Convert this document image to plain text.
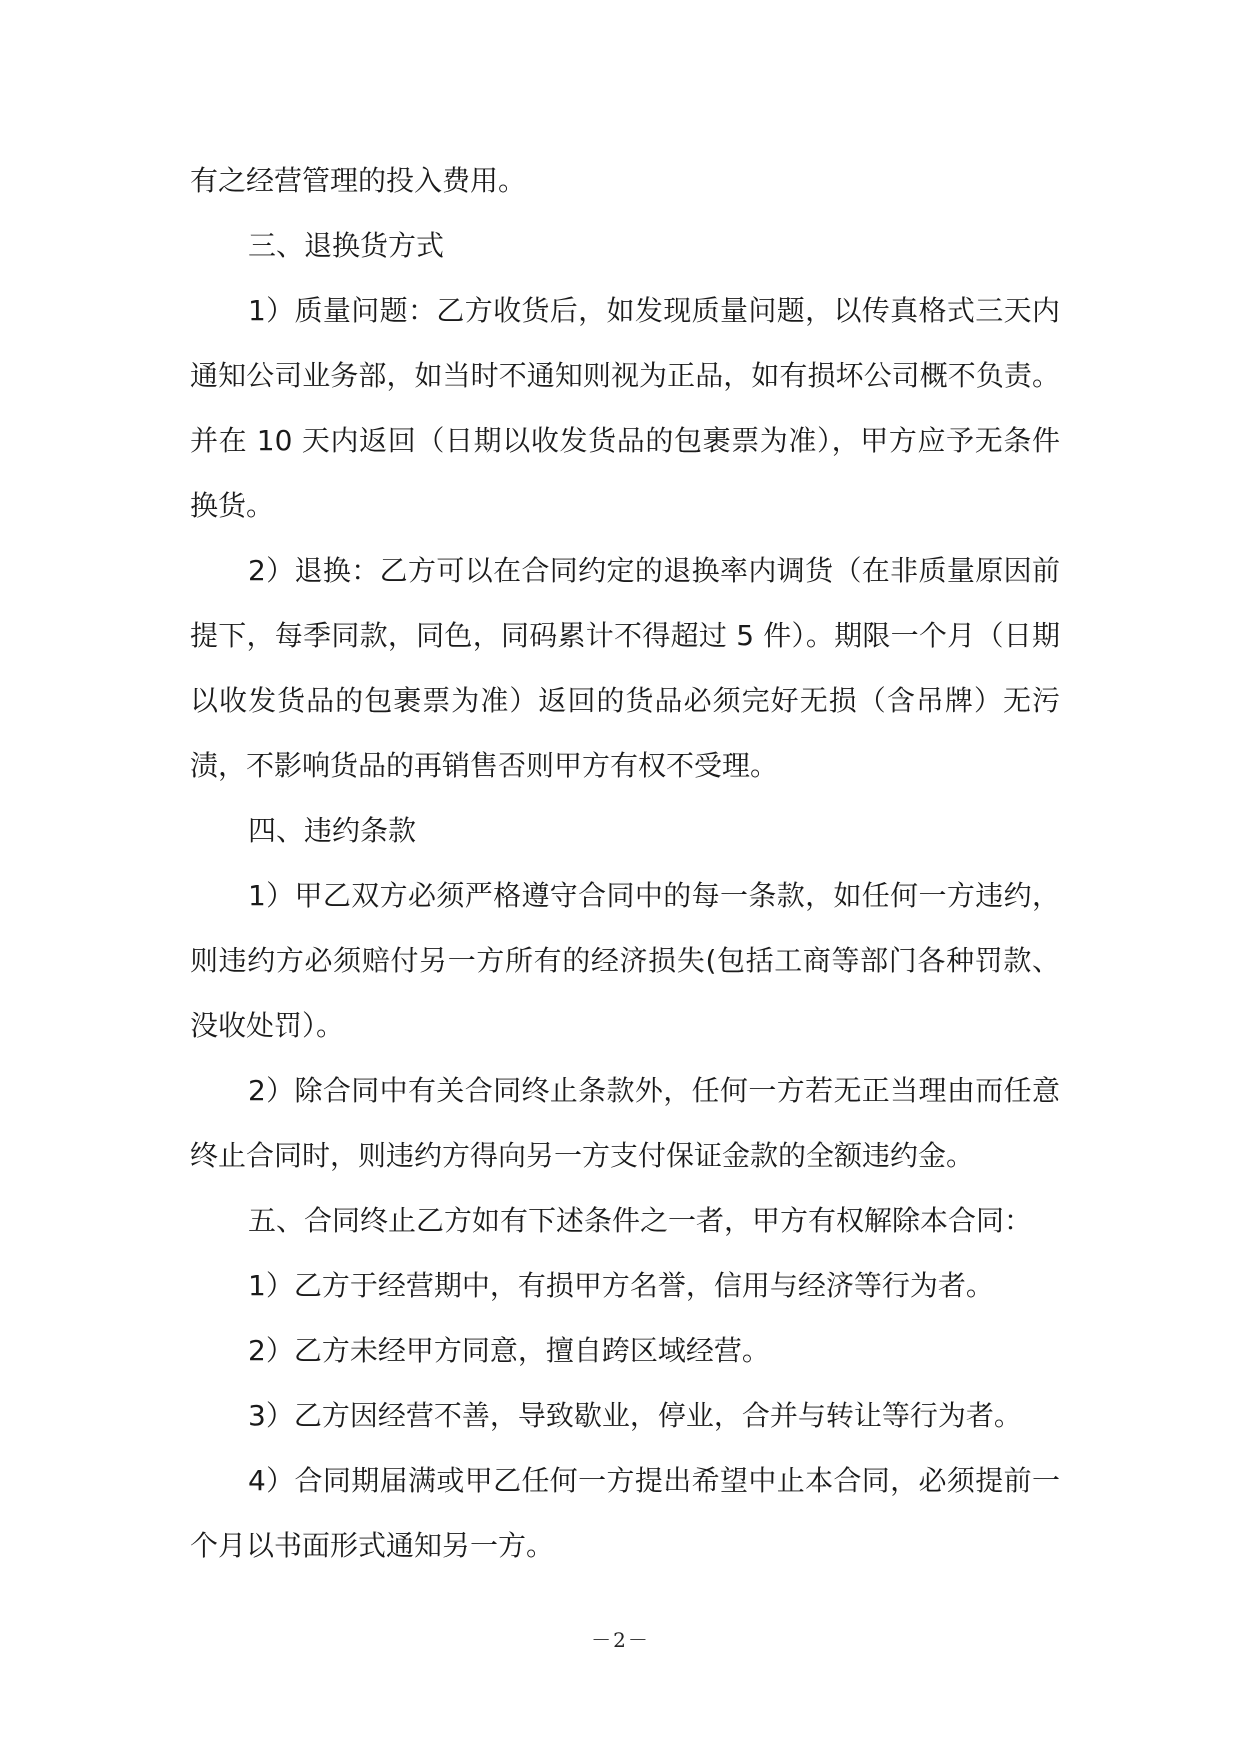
有之经营管理的投入费用。

三、退换货方式

1）质量问题：乙方收货后，如发现质量问题，以传真格式三天内通知公司业务部，如当时不通知则视为正品，如有损坏公司概不负责。并在 10 天内返回（日期以收发货品的包裹票为准），甲方应予无条件换货。

2）退换：乙方可以在合同约定的退换率内调货（在非质量原因前提下，每季同款，同色，同码累计不得超过 5 件）。期限一个月（日期以收发货品的包裹票为准）返回的货品必须完好无损（含吊牌）无污渍，不影响货品的再销售否则甲方有权不受理。

四、违约条款

1）甲乙双方必须严格遵守合同中的每一条款，如任何一方违约，则违约方必须赔付另一方所有的经济损失(包括工商等部门各种罚款、没收处罚）。

2）除合同中有关合同终止条款外，任何一方若无正当理由而任意终止合同时，则违约方得向另一方支付保证金款的全额违约金。

五、合同终止乙方如有下述条件之一者，甲方有权解除本合同：

1）乙方于经营期中，有损甲方名誉，信用与经济等行为者。

2）乙方未经甲方同意，擅自跨区域经营。

3）乙方因经营不善，导致歇业，停业，合并与转让等行为者。

4）合同期届满或甲乙任何一方提出希望中止本合同，必须提前一个月以书面形式通知另一方。

－2－
